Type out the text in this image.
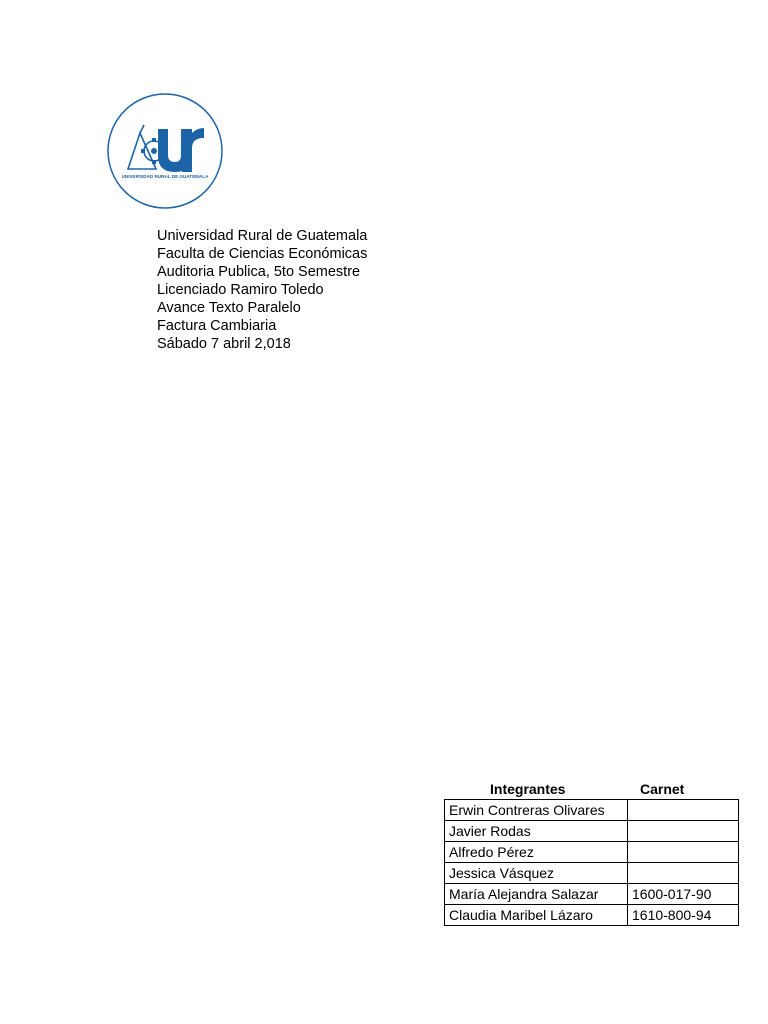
UNIVERSIDAD RURAL DE GUATEMALA
Universidad Rural de Guatemala
Faculta de Ciencias Económicas
Auditoria Publica, 5to Semestre
Licenciado Ramiro Toledo
Avance Texto Paralelo
Factura Cambiaria
Sábado 7 abril 2,018
Integrantes	Carnet
Erwin Contreras Olivares	
Javier Rodas	
Alfredo Pérez	
Jessica Vásquez	
María Alejandra Salazar	1600-017-90
Claudia Maribel Lázaro	1610-800-94
